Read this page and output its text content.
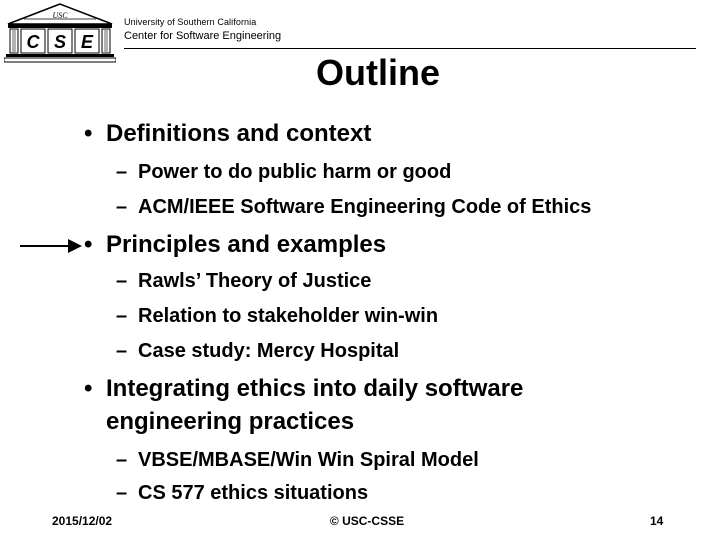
USC
C S E
University of Southern California
Center for Software Engineering
Outline
• Definitions and context
– Power to do public harm or good
– ACM/IEEE Software Engineering Code of Ethics
• Principles and examples
– Rawls’ Theory of Justice
– Relation to stakeholder win-win
– Case study: Mercy Hospital
• Integrating ethics into daily software
engineering practices
– VBSE/MBASE/Win Win Spiral Model
– CS 577 ethics situations
2015/12/02	© USC-CSSE	14
